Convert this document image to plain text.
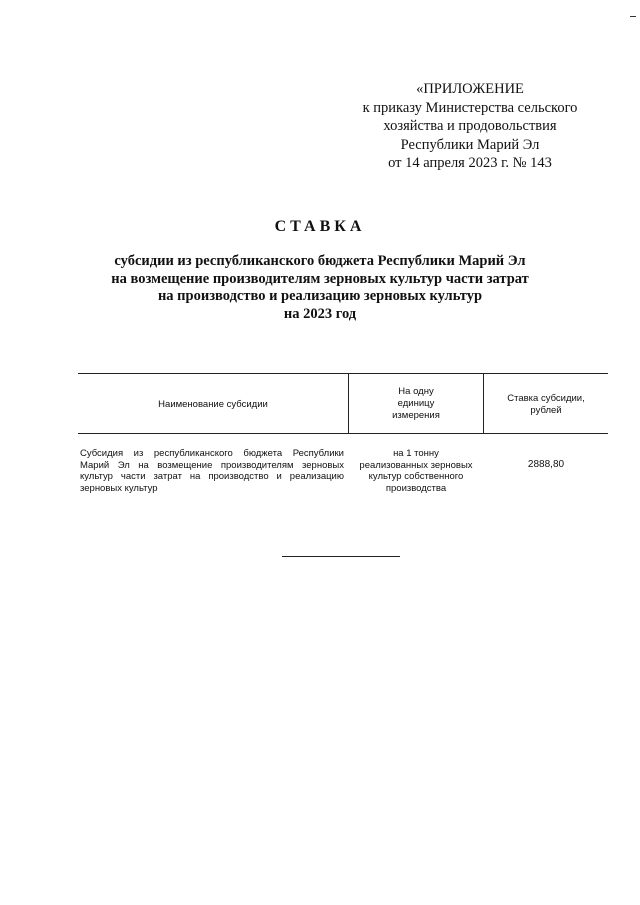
«ПРИЛОЖЕНИЕ
к приказу Министерства сельского
хозяйства и продовольствия
Республики Марий Эл
от 14 апреля 2023 г. № 143
СТАВКА
субсидии из республиканского бюджета Республики Марий Эл
на возмещение производителям зерновых культур части затрат
на производство и реализацию зерновых культур
на 2023 год
Наименование субсидии
На одну
единицу
измерения
Ставка субсидии,
рублей
Субсидия из республиканского бюджета Республики
Марий Эл на возмещение производителям зерновых
культур части затрат на производство и реализацию
зерновых культур
на 1 тонну
реализованных зерновых
культур собственного
производства
2888,80
